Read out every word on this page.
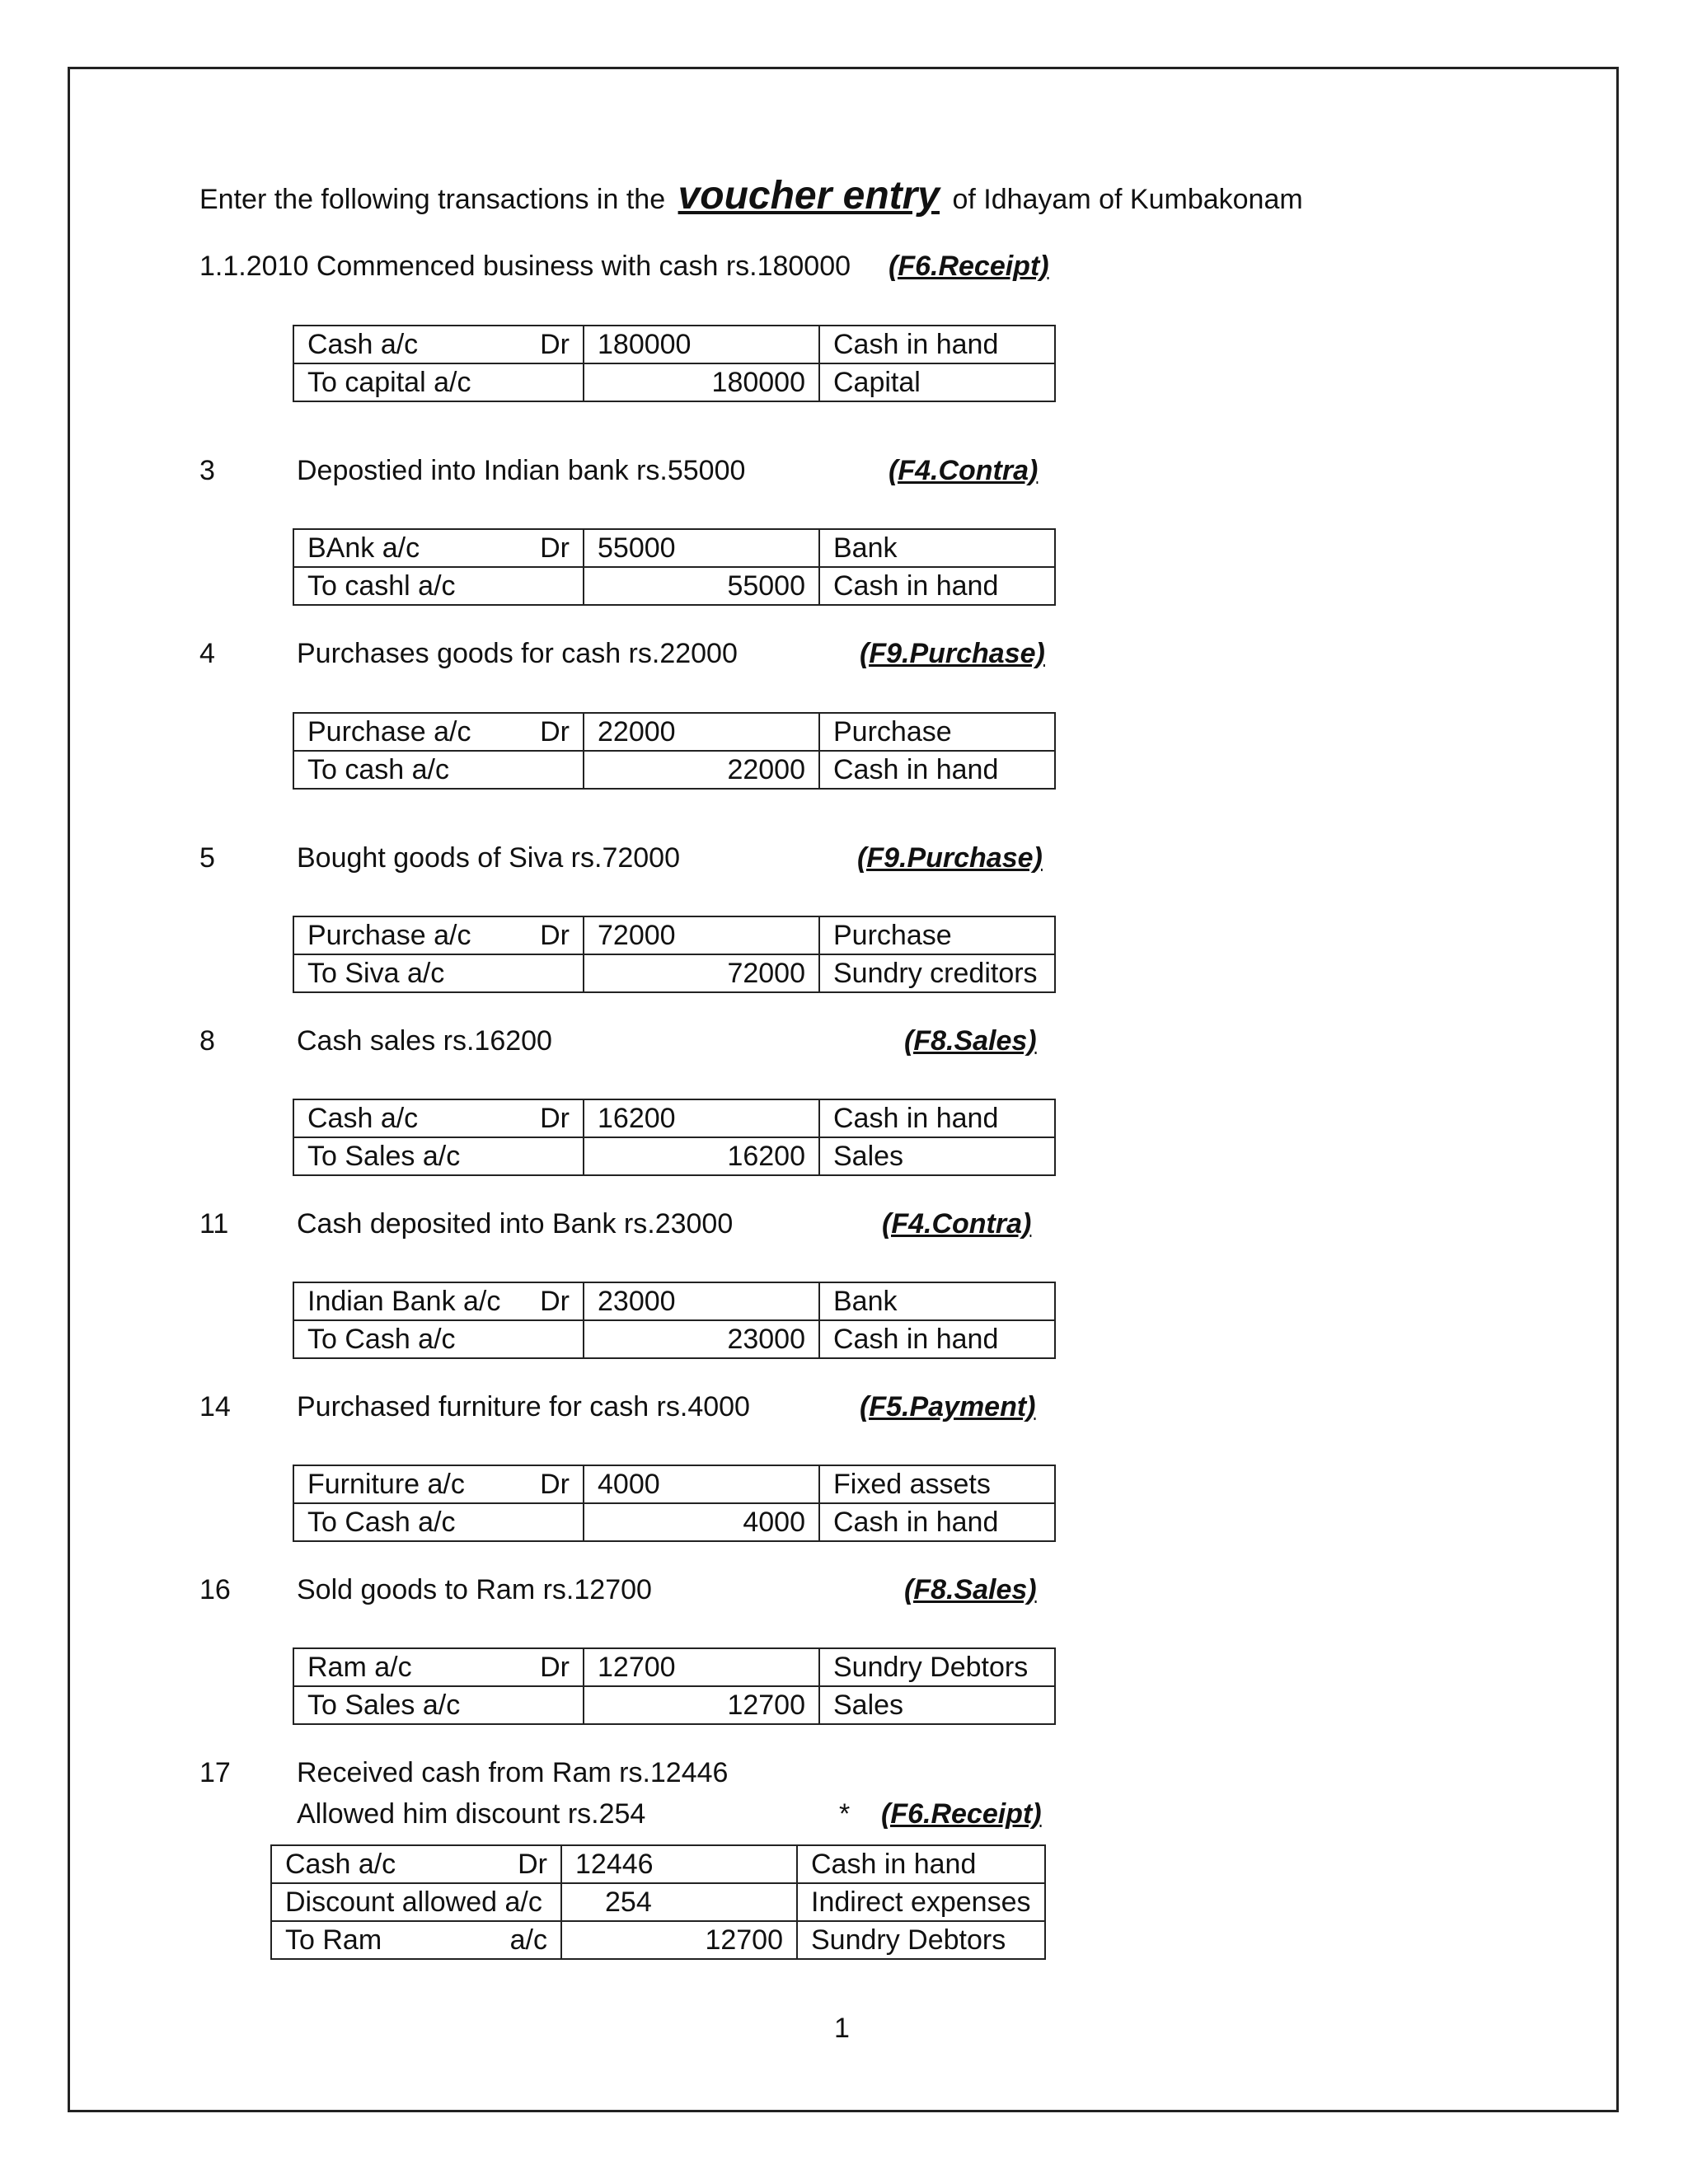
Enter the following transactions in the voucher entry of Idhayam of Kumbakonam
1.1.2010 Commenced business with cash rs.180000 (F6.Receipt)
Cash a/c Dr	180000	Cash in hand

To capital a/c	180000	Capital
3	Depostied into Indian bank rs.55000	(F4.Contra)
BAnk a/c Dr	55000	Bank

To cashl a/c	55000	Cash in hand
4	Purchases goods for cash rs.22000	(F9.Purchase)
Purchase a/c Dr	22000	Purchase

To cash a/c	22000	Cash in hand
5	Bought goods of Siva rs.72000	(F9.Purchase)
Purchase a/c Dr	72000	Purchase

To Siva a/c	72000	Sundry creditors
8	Cash sales rs.16200	(F8.Sales)
Cash a/c Dr	16200	Cash in hand

To Sales a/c	16200	Sales
11 Cash deposited into Bank rs.23000	(F4.Contra)
Indian Bank a/c Dr	23000	Bank

To Cash a/c	23000	Cash in hand
14 Purchased furniture for cash rs.4000	(F5.Payment)
Furniture a/c Dr	4000	Fixed assets

To Cash a/c	4000	Cash in hand
16 Sold goods to Ram rs.12700	(F8.Sales)
Ram a/c Dr	12700	Sundry Debtors

To Sales a/c	12700	Sales
17 Received cash from Ram rs.12446
Allowed him discount rs.254	* (F6.Receipt)
Cash a/c Dr	12446	Cash in hand

Discount allowed a/c	254	Indirect expenses

To Ram a/c	12700	Sundry Debtors
1
